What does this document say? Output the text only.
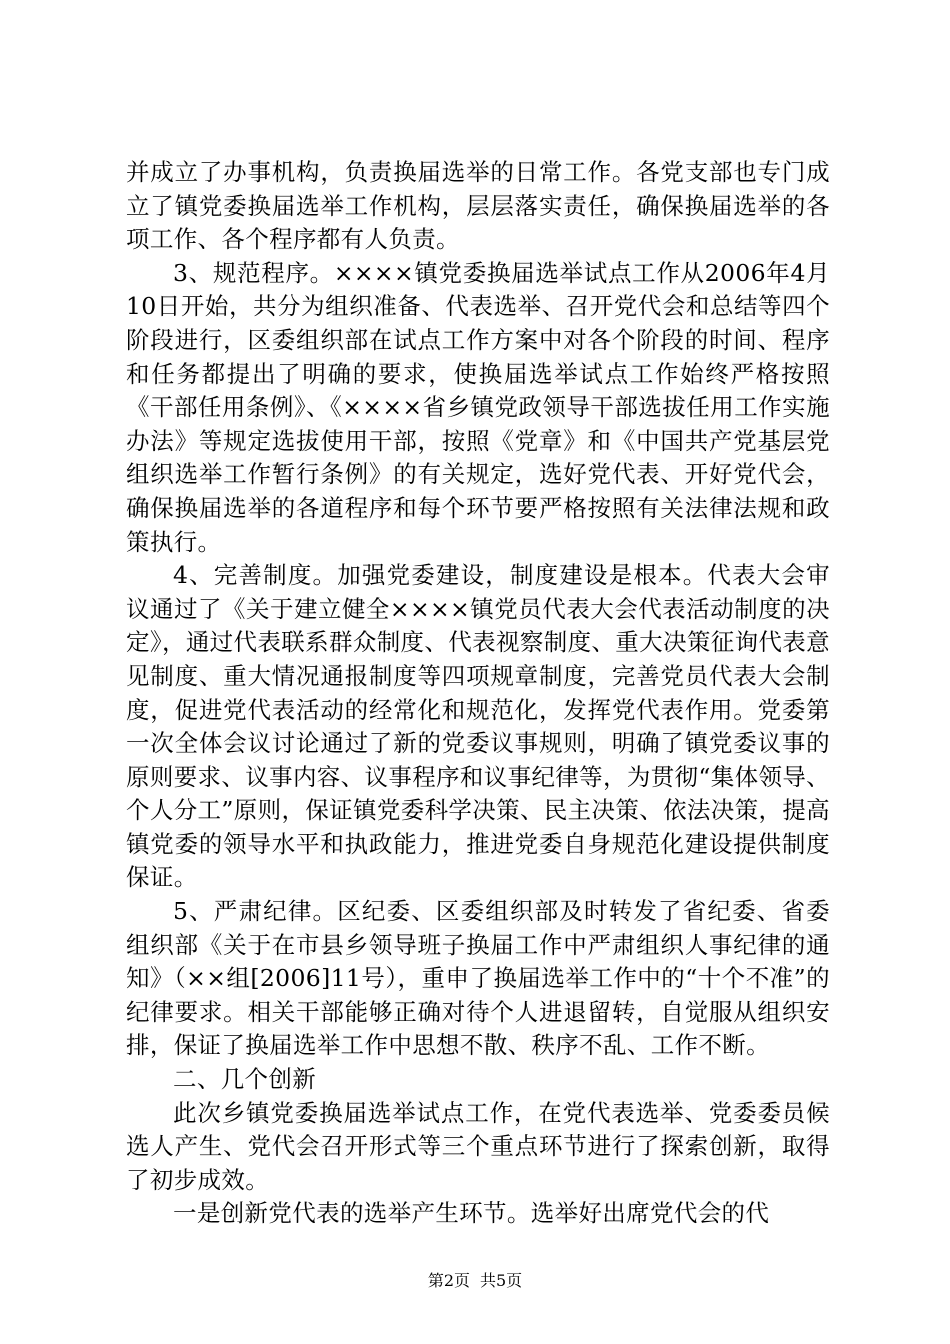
并成立了办事机构，负责换届选举的日常工作。各党支部也专门成立了镇党委换届选举工作机构，层层落实责任，确保换届选举的各项工作、各个程序都有人负责。

3、规范程序。××××镇党委换届选举试点工作从2006年4月10日开始，共分为组织准备、代表选举、召开党代会和总结等四个阶段进行，区委组织部在试点工作方案中对各个阶段的时间、程序和任务都提出了明确的要求，使换届选举试点工作始终严格按照《干部任用条例》、《××××省乡镇党政领导干部选拔任用工作实施办法》等规定选拔使用干部，按照《党章》和《中国共产党基层党组织选举工作暂行条例》的有关规定，选好党代表、开好党代会，确保换届选举的各道程序和每个环节要严格按照有关法律法规和政策执行。

4、完善制度。加强党委建设，制度建设是根本。代表大会审议通过了《关于建立健全××××镇党员代表大会代表活动制度的决定》，通过代表联系群众制度、代表视察制度、重大决策征询代表意见制度、重大情况通报制度等四项规章制度，完善党员代表大会制度，促进党代表活动的经常化和规范化，发挥党代表作用。党委第一次全体会议讨论通过了新的党委议事规则，明确了镇党委议事的原则要求、议事内容、议事程序和议事纪律等，为贯彻“集体领导、个人分工”原则，保证镇党委科学决策、民主决策、依法决策，提高镇党委的领导水平和执政能力，推进党委自身规范化建设提供制度保证。

5、严肃纪律。区纪委、区委组织部及时转发了省纪委、省委组织部《关于在市县乡领导班子换届工作中严肃组织人事纪律的通知》（××组[2006]11号），重申了换届选举工作中的“十个不准”的纪律要求。相关干部能够正确对待个人进退留转，自觉服从组织安排，保证了换届选举工作中思想不散、秩序不乱、工作不断。

二、几个创新

此次乡镇党委换届选举试点工作，在党代表选举、党委委员候选人产生、党代会召开形式等三个重点环节进行了探索创新，取得了初步成效。

一是创新党代表的选举产生环节。选举好出席党代会的代

第2页 共5页
